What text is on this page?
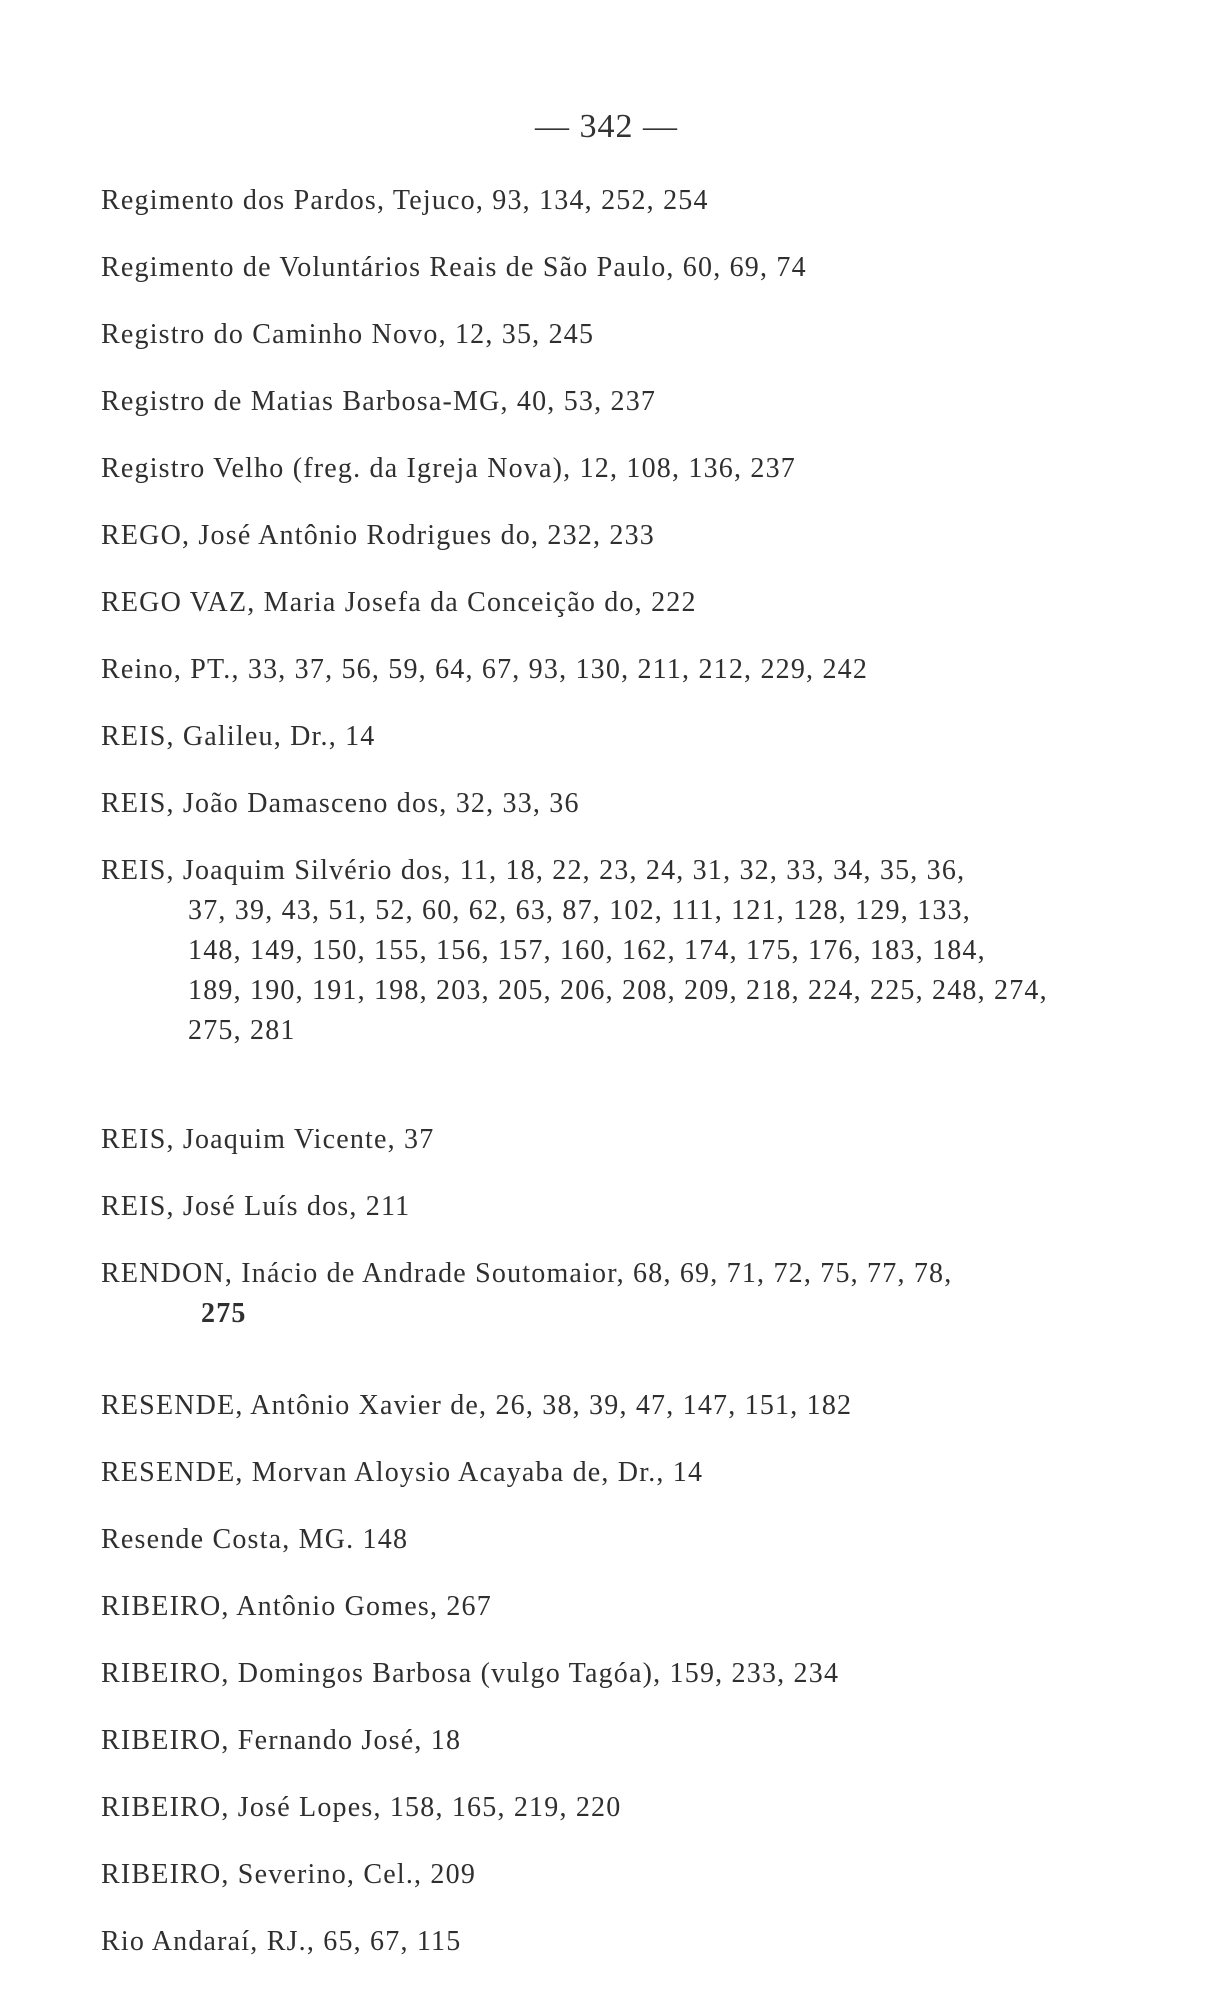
— 342 —
Regimento dos Pardos, Tejuco, 93, 134, 252, 254
Regimento de Voluntários Reais de São Paulo, 60, 69, 74
Registro do Caminho Novo, 12, 35, 245
Registro de Matias Barbosa-MG, 40, 53, 237
Registro Velho (freg. da Igreja Nova), 12, 108, 136, 237
REGO, José Antônio Rodrigues do, 232, 233
REGO VAZ, Maria Josefa da Conceição do, 222
Reino, PT., 33, 37, 56, 59, 64, 67, 93, 130, 211, 212, 229, 242
REIS, Galileu, Dr., 14
REIS, João Damasceno dos, 32, 33, 36
REIS, Joaquim Silvério dos, 11, 18, 22, 23, 24, 31, 32, 33, 34, 35, 36,
37, 39, 43, 51, 52, 60, 62, 63, 87, 102, 111, 121, 128, 129, 133,
148, 149, 150, 155, 156, 157, 160, 162, 174, 175, 176, 183, 184,
189, 190, 191, 198, 203, 205, 206, 208, 209, 218, 224, 225, 248, 274,
275, 281
REIS, Joaquim Vicente, 37
REIS, José Luís dos, 211
RENDON, Inácio de Andrade Soutomaior, 68, 69, 71, 72, 75, 77, 78,
275
RESENDE, Antônio Xavier de, 26, 38, 39, 47, 147, 151, 182
RESENDE, Morvan Aloysio Acayaba de, Dr., 14
Resende Costa, MG. 148
RIBEIRO, Antônio Gomes, 267
RIBEIRO, Domingos Barbosa (vulgo Tagóa), 159, 233, 234
RIBEIRO, Fernando José, 18
RIBEIRO, José Lopes, 158, 165, 219, 220
RIBEIRO, Severino, Cel., 209
Rio Andaraí, RJ., 65, 67, 115
